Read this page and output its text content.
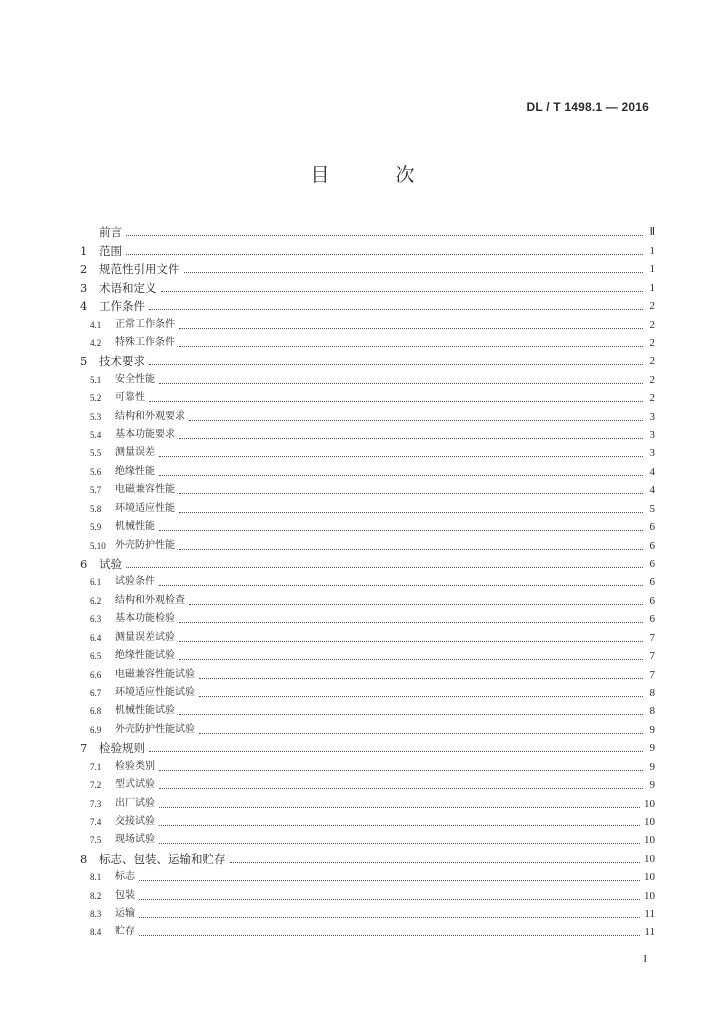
DL / T 1498.1 — 2016
目 次
前言	Ⅱ
1	范围	1
2	规范性引用文件	1
3	术语和定义	1
4	工作条件	2
4.1	正常工作条件	2
4.2	特殊工作条件	2
5	技术要求	2
5.1	安全性能	2
5.2	可靠性	2
5.3	结构和外观要求	3
5.4	基本功能要求	3
5.5	测量误差	3
5.6	绝缘性能	4
5.7	电磁兼容性能	4
5.8	环境适应性能	5
5.9	机械性能	6
5.10 外壳防护性能	6
6	试验	6
6.1	试验条件	6
6.2	结构和外观检查	6
6.3	基本功能检验	6
6.4	测量误差试验	7
6.5	绝缘性能试验	7
6.6	电磁兼容性能试验	7
6.7	环境适应性能试验	8
6.8	机械性能试验	8
6.9	外壳防护性能试验	9
7	检验规则	9
7.1	检验类别	9
7.2	型式试验	9
7.3	出厂试验	10
7.4	交接试验	10
7.5	现场试验	10
8	标志、包装、运输和贮存	10
8.1	标志	10
8.2	包装	10
8.3	运输	11
8.4	贮存	11
I
